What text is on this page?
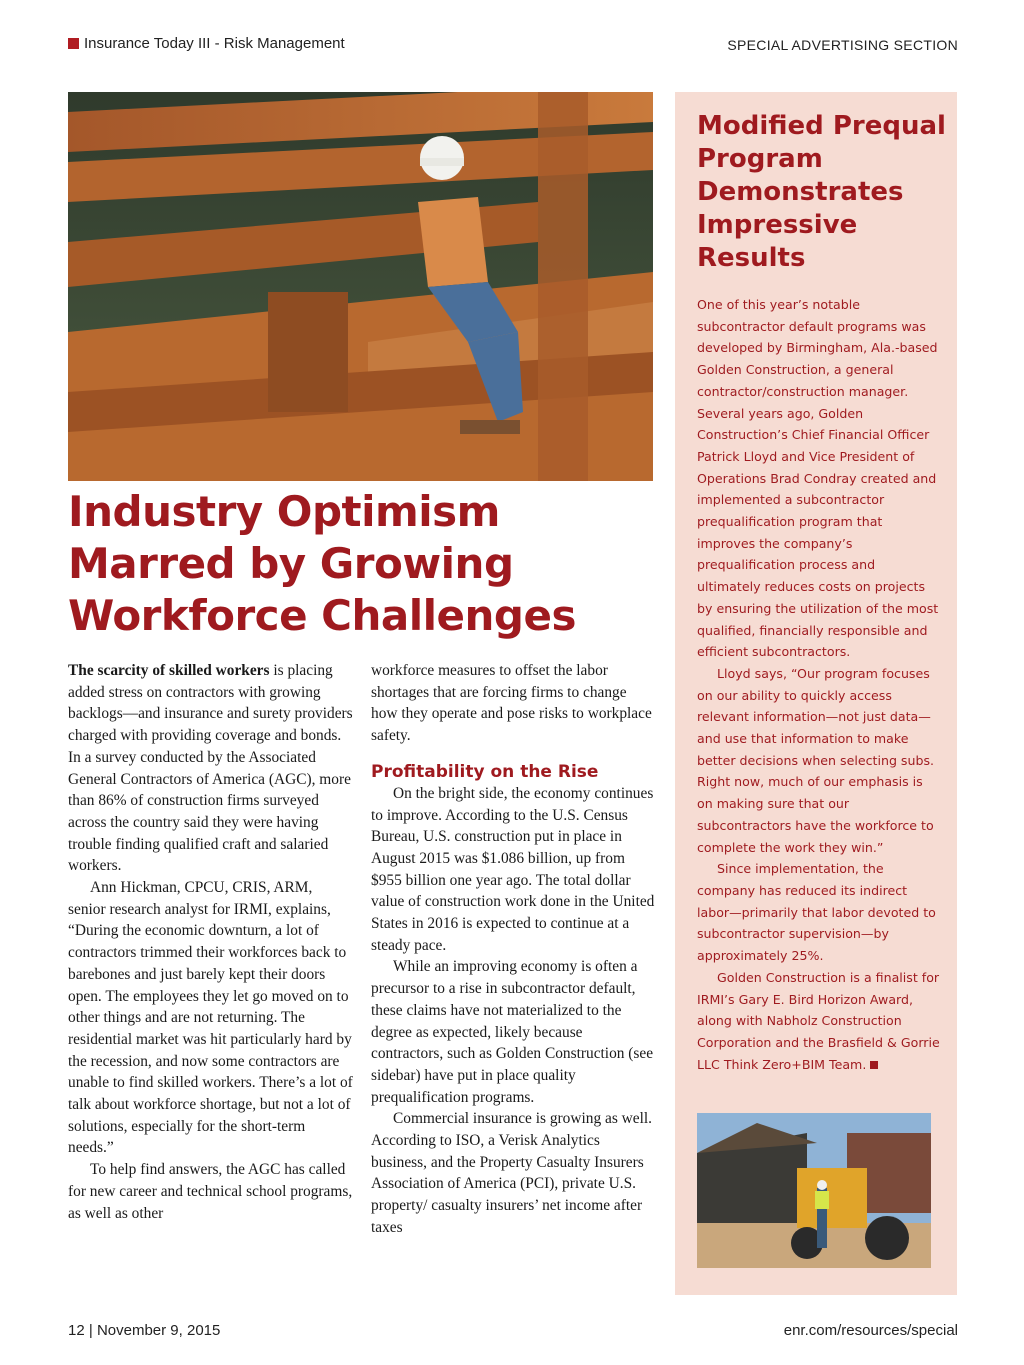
Insurance Today III - Risk Management	SPECIAL ADVERTISING SECTION
Industry Optimism Marred by Growing Workforce Challenges

The scarcity of skilled workers is placing added stress on contractors with growing backlogs—and insurance and surety providers charged with providing coverage and bonds. In a survey conducted by the Associated General Contractors of America (AGC), more than 86% of construction firms surveyed across the country said they were having trouble finding qualified craft and salaried workers.

Ann Hickman, CPCU, CRIS, ARM, senior research analyst for IRMI, explains, “During the economic downturn, a lot of contractors trimmed their workforces back to barebones and just barely kept their doors open. The employees they let go moved on to other things and are not returning. The residential market was hit particularly hard by the recession, and now some contractors are unable to find skilled workers. There’s a lot of talk about workforce shortage, but not a lot of solutions, especially for the short-term needs.”

To help find answers, the AGC has called for new career and technical school programs, as well as other

workforce measures to offset the labor shortages that are forcing firms to change how they operate and pose risks to workplace safety.

Profitability on the Rise

On the bright side, the economy continues to improve. According to the U.S. Census Bureau, U.S. construction put in place in August 2015 was $1.086 billion, up from $955 billion one year ago. The total dollar value of construction work done in the United States in 2016 is expected to continue at a steady pace.

While an improving economy is often a precursor to a rise in subcontractor default, these claims have not materialized to the degree as expected, likely because contractors, such as Golden Construction (see sidebar) have put in place quality prequalification programs.

Commercial insurance is growing as well. According to ISO, a Verisk Analytics business, and the Property Casualty Insurers Association of America (PCI), private U.S. property/ casualty insurers’ net income after taxes

Modified Prequal Program Demonstrates Impressive Results

One of this year’s notable subcontractor default programs was developed by Birmingham, Ala.-based Golden Construction, a general contractor/construction manager. Several years ago, Golden Construction’s Chief Financial Officer Patrick Lloyd and Vice President of Operations Brad Condray created and implemented a subcontractor prequalification program that improves the company’s prequalification process and ultimately reduces costs on projects by ensuring the utilization of the most qualified, financially responsible and efficient subcontractors.

Lloyd says, “Our program focuses on our ability to quickly access relevant information—not just data—and use that information to make better decisions when selecting subs. Right now, much of our emphasis is on making sure that our subcontractors have the workforce to complete the work they win.”

Since implementation, the company has reduced its indirect labor—primarily that labor devoted to subcontractor supervision—by approximately 25%.

Golden Construction is a finalist for IRMI’s Gary E. Bird Horizon Award, along with Nabholz Construction Corporation and the Brasfield & Gorrie LLC Think Zero+BIM Team.

12 | November 9, 2015	enr.com/resources/special
